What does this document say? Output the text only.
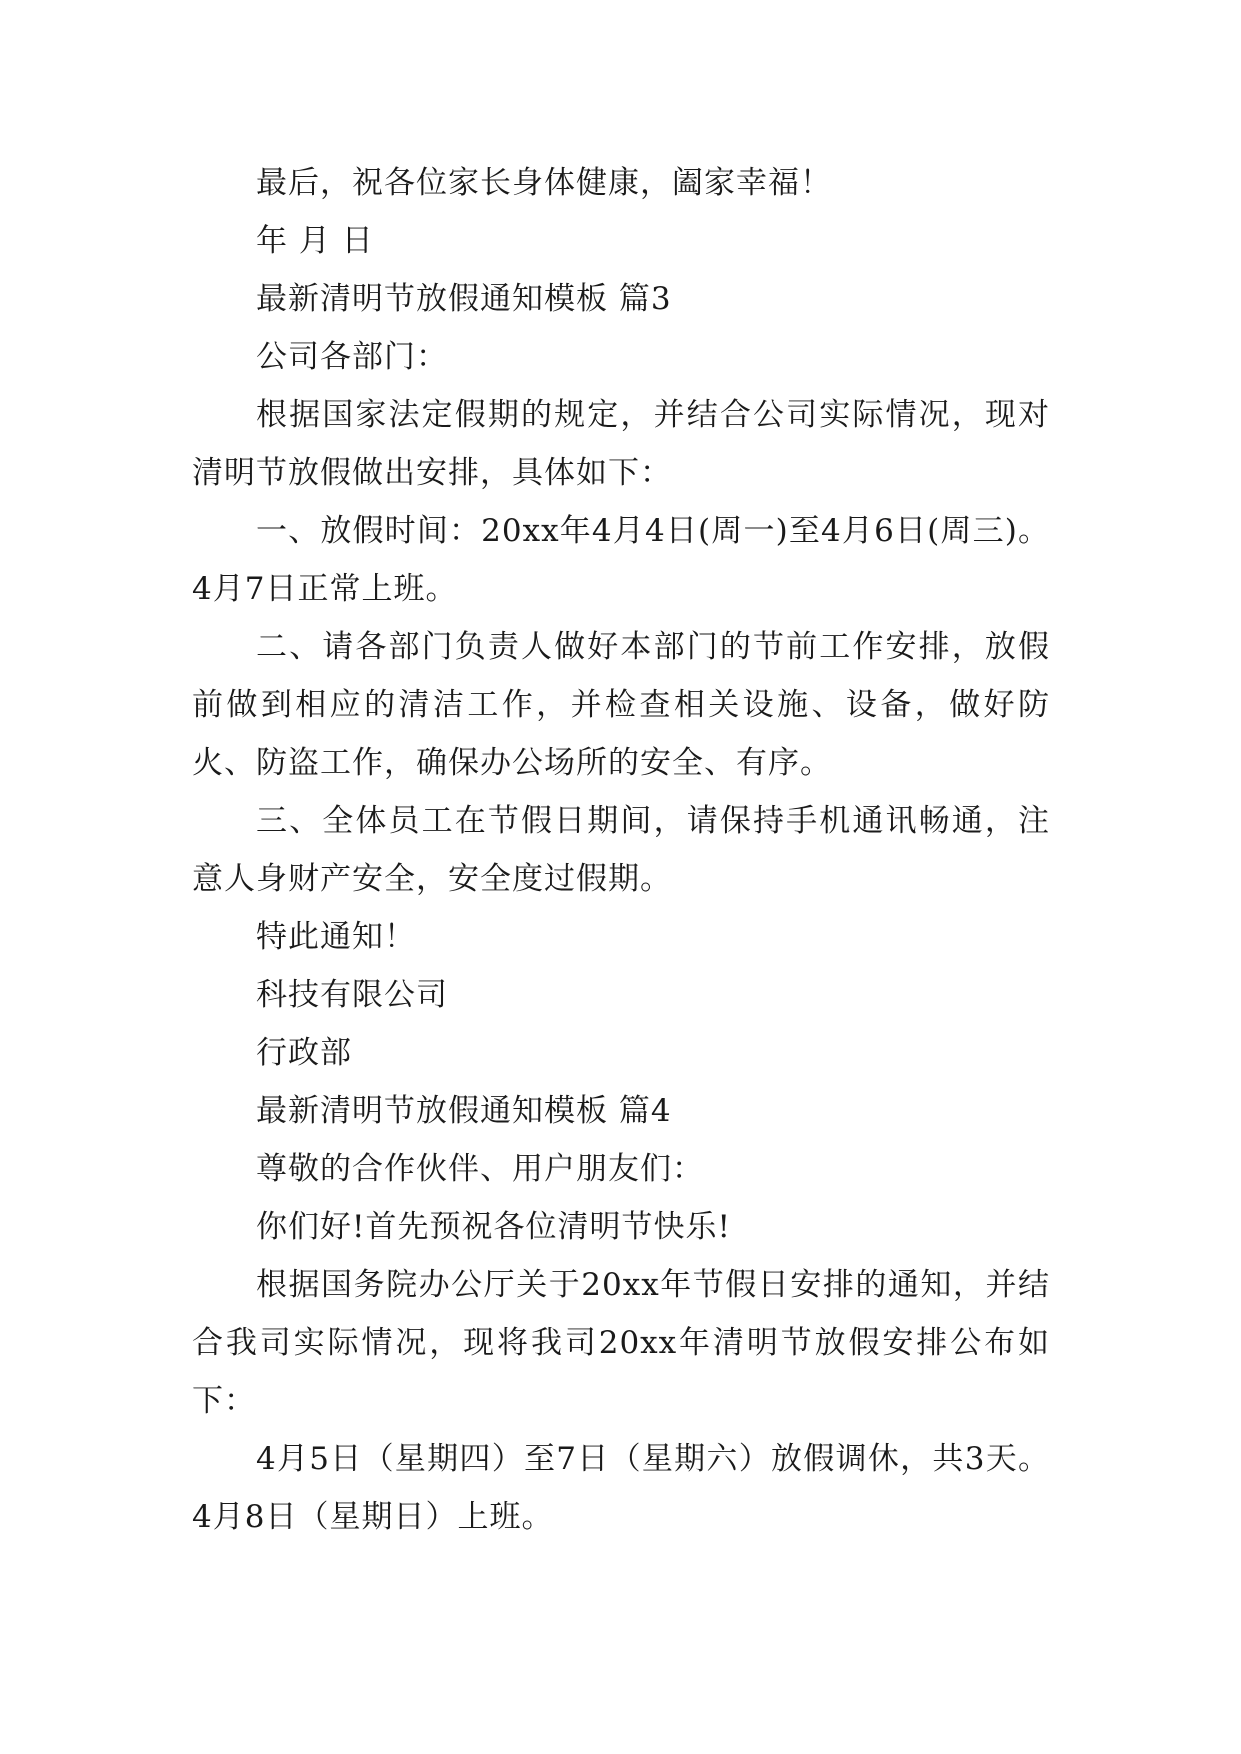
最后，祝各位家长身体健康，阖家幸福！

年 月 日

最新清明节放假通知模板 篇3

公司各部门：

根据国家法定假期的规定，并结合公司实际情况，现对清明节放假做出安排，具体如下：

一、放假时间：20xx年4月4日(周一)至4月6日(周三)。4月7日正常上班。

二、请各部门负责人做好本部门的节前工作安排，放假前做到相应的清洁工作，并检查相关设施、设备，做好防火、防盗工作，确保办公场所的安全、有序。

三、全体员工在节假日期间，请保持手机通讯畅通，注意人身财产安全，安全度过假期。

特此通知！

科技有限公司

行政部

最新清明节放假通知模板 篇4

尊敬的合作伙伴、用户朋友们：

你们好!首先预祝各位清明节快乐!

根据国务院办公厅关于20xx年节假日安排的通知，并结合我司实际情况，现将我司20xx年清明节放假安排公布如下：

4月5日（星期四）至7日（星期六）放假调休，共3天。4月8日（星期日）上班。
